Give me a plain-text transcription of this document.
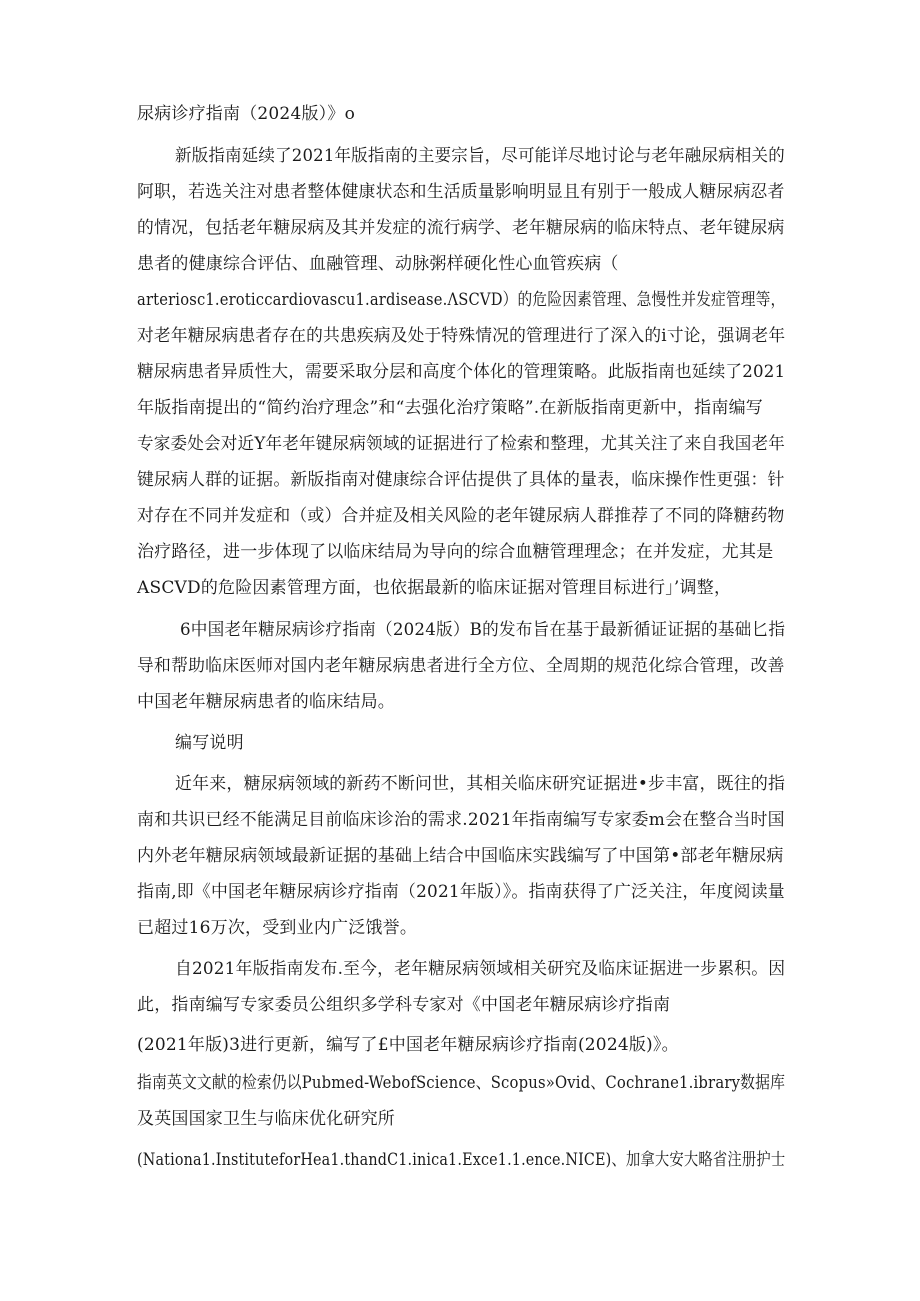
尿病诊疗指南（2024版）》o
新版指南延续了2021年版指南的主要宗旨，尽可能详尽地讨论与老年融尿病相关的
阿职，若选关注对患者整体健康状态和生活质量影响明显且有别于一般成人糖尿病忍者
的情况，包括老年糖尿病及其并发症的流行病学、老年糖尿病的临床特点、老年键尿病
患者的健康综合评估、血融管理、动脉粥样硬化性心血管疾病（
arteriosc1.eroticcardiovascu1.ardisease.ΛSCVD）的危险因素管理、急慢性并发症管理等，
对老年糖尿病患者存在的共患疾病及处于特殊情况的管理进行了深入的i寸论，强调老年
糖尿病患者异质性大，需要采取分层和高度个体化的管理策略。此版指南也延续了2021
年版指南提出的“简约治疗理念”和“去强化治疗策略”.在新版指南更新中，指南编写
专家委处会对近Y年老年键尿病领域的证据进行了检索和整理，尤其关注了来自我国老年
键尿病人群的证据。新版指南对健康综合评估提供了具体的量表，临床操作性更强：针
对存在不同并发症和（或）合并症及相关风险的老年键尿病人群推荐了不同的降糖药物
治疗路径，进一步体现了以临床结局为导向的综合血糖管理理念；在并发症，尤其是
ASCVD的危险因素管理方面，也依据最新的临床证据对管理目标进行」’调整，
6中国老年糖尿病诊疗指南（2024版）B的发布旨在基于最新循证证据的基础匕指
导和帮助临床医师对国内老年糖尿病患者进行全方位、全周期的规范化综合管理，改善
中国老年糖尿病患者的临床结局。
编写说明
近年来，糖尿病领域的新药不断问世，其相关临床研究证据进•步丰富，既往的指
南和共识已经不能满足目前临床诊治的需求.2021年指南编写专家委m会在整合当时国
内外老年糖尿病领域最新证据的基础上结合中国临床实践编写了中国第•部老年糖尿病
指南,即《中国老年糖尿病诊疗指南（2021年版）》。指南获得了广泛关注，年度阅读量
已超过16万次，受到业内广泛饿誉。
自2021年版指南发布.至今，老年糖尿病领域相关研究及临床证据进一步累积。因
此，指南编写专家委员公组织多学科专家对《中国老年糖尿病诊疗指南
(2021年版)3进行更新，编写了£中国老年糖尿病诊疗指南(2024版)》。
指南英文文献的检索仍以Pubmed-WebofScience、Scopus»Ovid、Cochrane1.ibrary数据库
及英国国家卫生与临床优化研究所
(Nationa1.InstituteforHea1.thandC1.inica1.Exce1.1.ence.NICE)、加拿大安大略省注册护士
